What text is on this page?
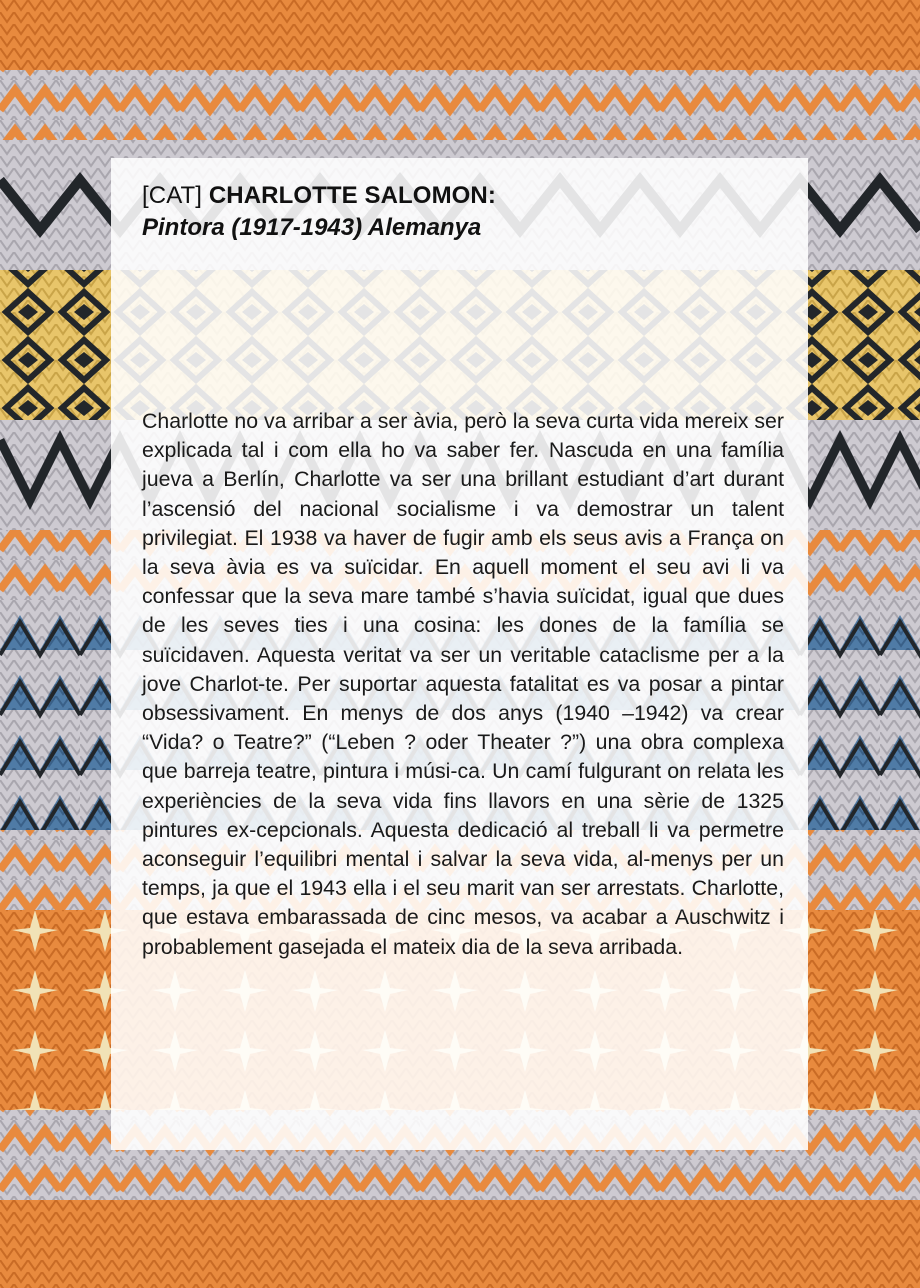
[CAT] CHARLOTTE SALOMON:
Pintora (1917-1943) Alemanya

Charlotte no va arribar a ser àvia, però la seva curta vida mereix ser explicada tal i com ella ho va saber fer. Nascuda en una família jueva a Berlín, Charlotte va ser una brillant estudiant d’art durant l’ascensió del nacional socialisme i va demostrar un talent privilegiat. El 1938 va haver de fugir amb els seus avis a França on la seva àvia es va suïcidar. En aquell moment el seu avi li va confessar que la seva mare també s’havia suïcidat, igual que dues de les seves ties i una cosina: les dones de la família se suïcidaven. Aquesta veritat va ser un veritable cataclisme per a la jove Charlot-te. Per suportar aquesta fatalitat es va posar a pintar obsessivament. En menys de dos anys (1940 –1942) va crear “Vida? o Teatre?” (“Leben ? oder Theater ?”) una obra complexa que barreja teatre, pintura i músi-ca. Un camí fulgurant on relata les experiències de la seva vida fins llavors en una sèrie de 1325 pintures ex-cepcionals. Aquesta dedicació al treball li va permetre aconseguir l’equilibri mental i salvar la seva vida, al-menys per un temps, ja que el 1943 ella i el seu marit van ser arrestats. Charlotte, que estava embarassada de cinc mesos, va acabar a Auschwitz i probablement gasejada el mateix dia de la seva arribada.
